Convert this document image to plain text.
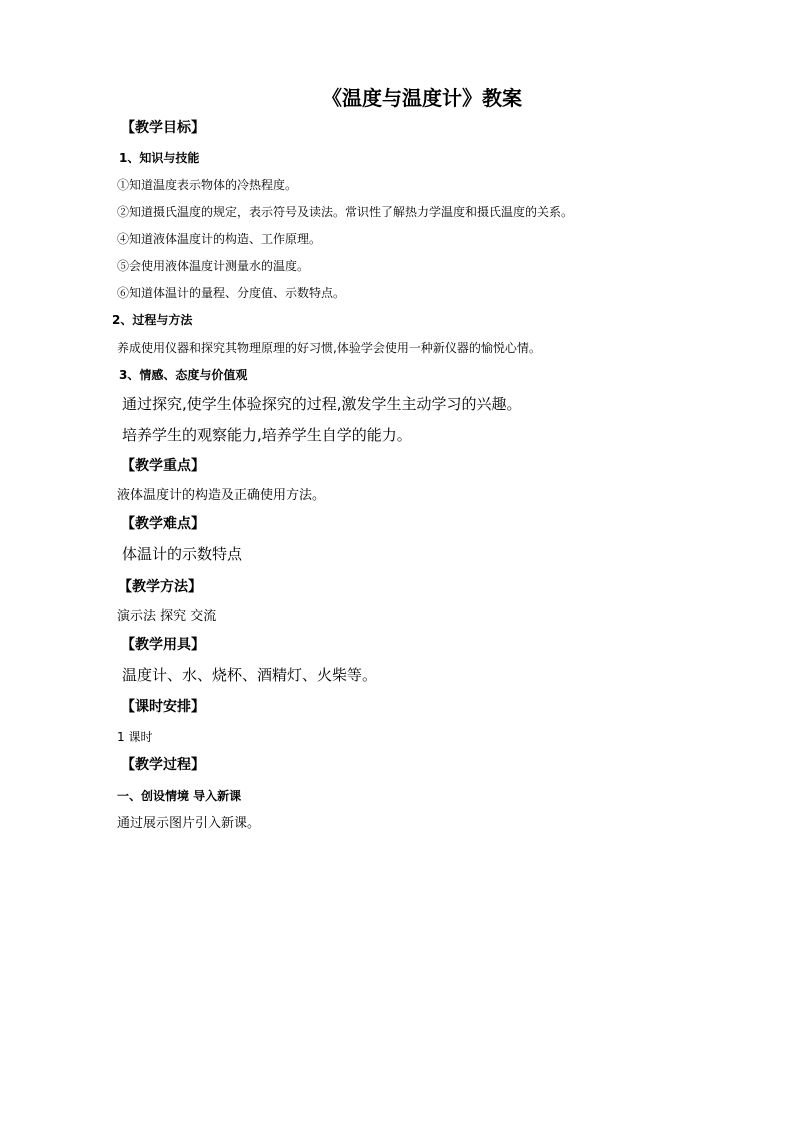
《温度与温度计》教案
【教学目标】
1、知识与技能
①知道温度表示物体的冷热程度。
②知道摄氏温度的规定，表示符号及读法。常识性了解热力学温度和摄氏温度的关系。
④知道液体温度计的构造、工作原理。
⑤会使用液体温度计测量水的温度。
⑥知道体温计的量程、分度值、示数特点。
2、过程与方法
养成使用仪器和探究其物理原理的好习惯,体验学会使用一种新仪器的愉悦心情。
3、情感、态度与价值观
通过探究,使学生体验探究的过程,激发学生主动学习的兴趣。
培养学生的观察能力,培养学生自学的能力。
【教学重点】
液体温度计的构造及正确使用方法。
【教学难点】
体温计的示数特点
【教学方法】
演示法 探究 交流
【教学用具】
温度计、水、烧杯、酒精灯、火柴等。
【课时安排】
1 课时
【教学过程】
一、创设情境 导入新课
通过展示图片引入新课。
